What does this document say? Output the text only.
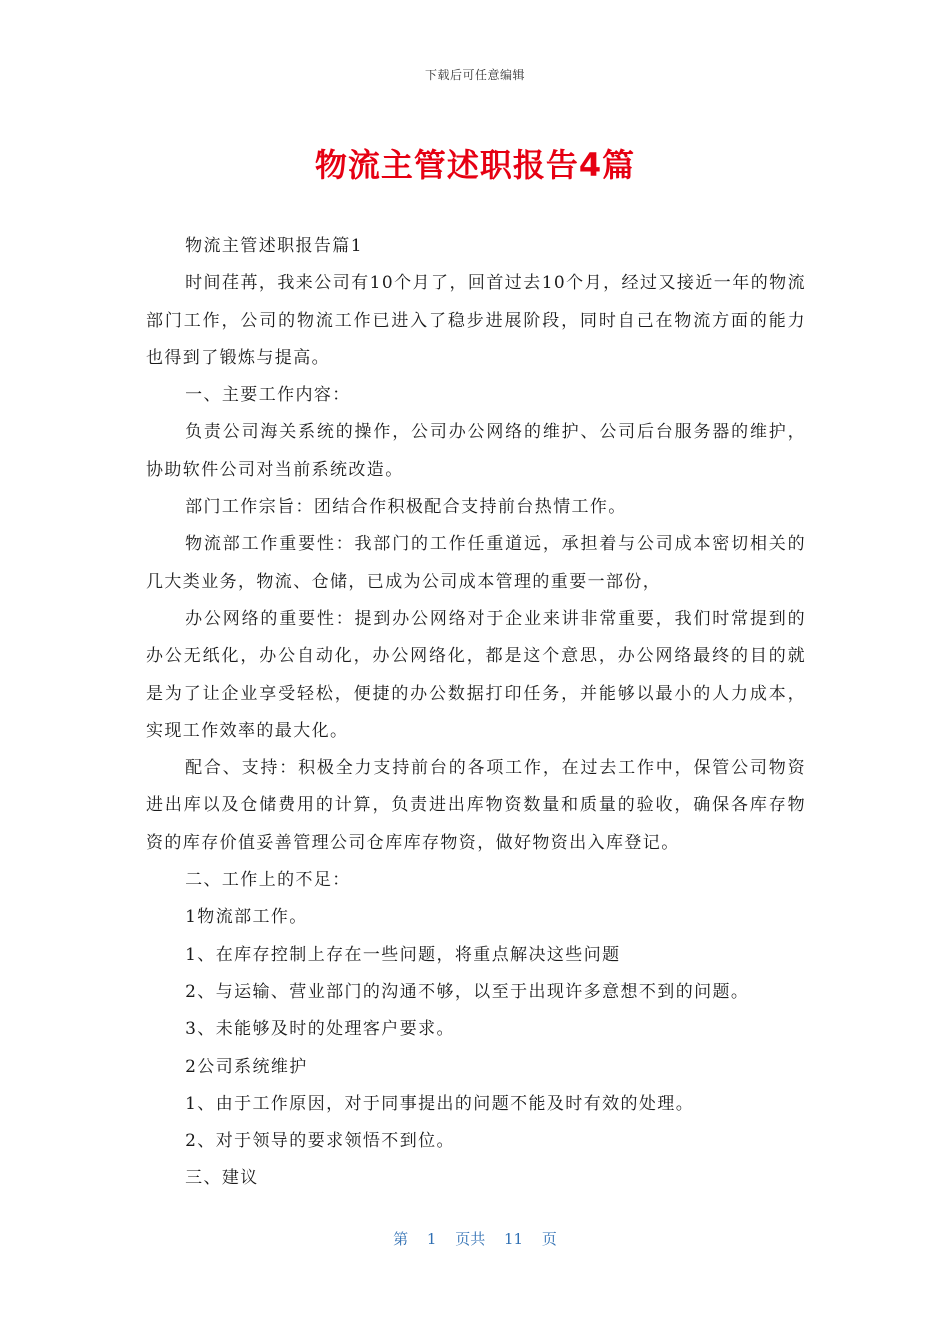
下载后可任意编辑
物流主管述职报告4篇

物流主管述职报告篇1

时间荏苒，我来公司有10个月了，回首过去10个月，经过又接近一年的物流部门工作，公司的物流工作已进入了稳步进展阶段，同时自己在物流方面的能力也得到了锻炼与提高。

一、主要工作内容：

负责公司海关系统的操作，公司办公网络的维护、公司后台服务器的维护，协助软件公司对当前系统改造。

部门工作宗旨：团结合作积极配合支持前台热情工作。

物流部工作重要性：我部门的工作任重道远，承担着与公司成本密切相关的几大类业务，物流、仓储，已成为公司成本管理的重要一部份，

办公网络的重要性：提到办公网络对于企业来讲非常重要，我们时常提到的办公无纸化，办公自动化，办公网络化，都是这个意思，办公网络最终的目的就是为了让企业享受轻松，便捷的办公数据打印任务，并能够以最小的人力成本，实现工作效率的最大化。

配合、支持：积极全力支持前台的各项工作，在过去工作中，保管公司物资进出库以及仓储费用的计算，负责进出库物资数量和质量的验收，确保各库存物资的库存价值妥善管理公司仓库库存物资，做好物资出入库登记。

二、工作上的不足：

1物流部工作。

1、在库存控制上存在一些问题，将重点解决这些问题

2、与运输、营业部门的沟通不够，以至于出现许多意想不到的问题。

3、未能够及时的处理客户要求。

2公司系统维护

1、由于工作原因，对于同事提出的问题不能及时有效的处理。

2、对于领导的要求领悟不到位。

三、建议

第 1 页共 11 页
